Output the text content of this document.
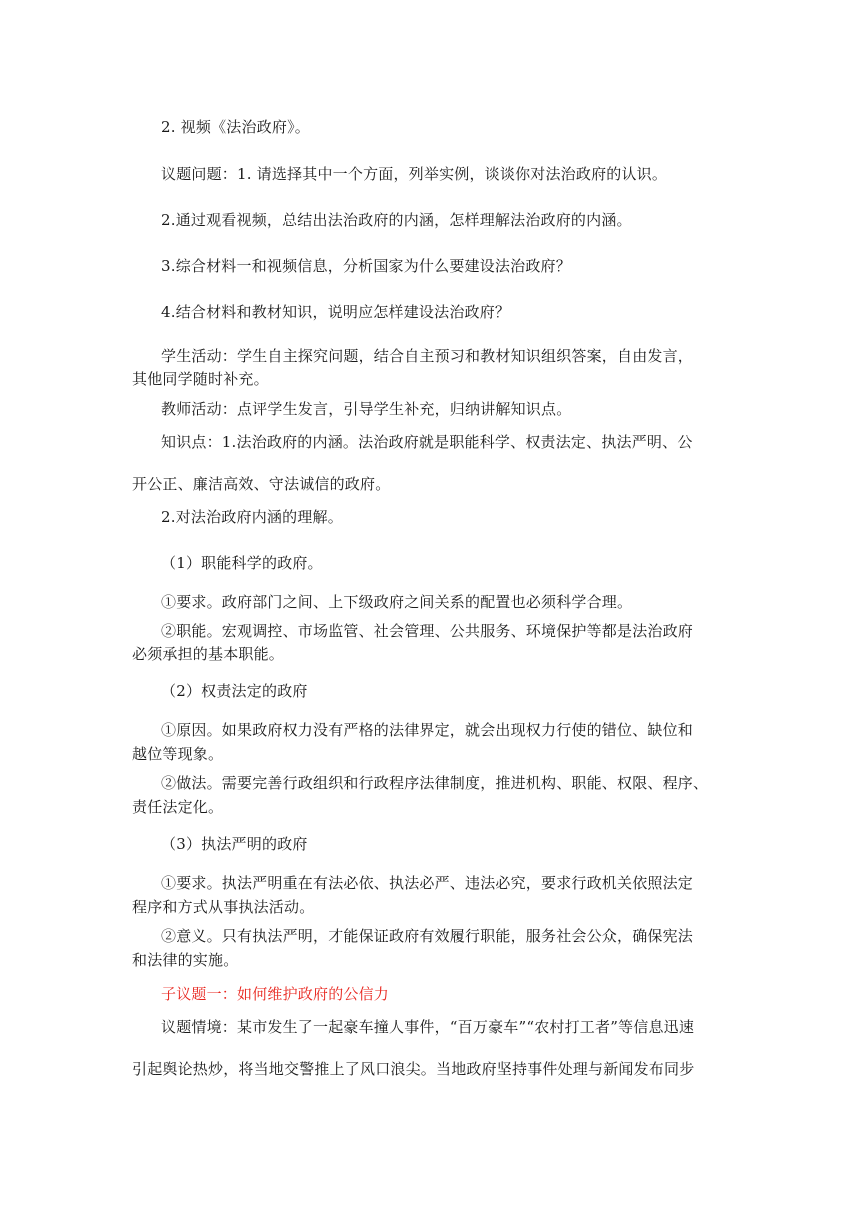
2. 视频《法治政府》。
议题问题：1. 请选择其中一个方面，列举实例，谈谈你对法治政府的认识。
2.通过观看视频，总结出法治政府的内涵，怎样理解法治政府的内涵。
3.综合材料一和视频信息，分析国家为什么要建设法治政府？
4.结合材料和教材知识，说明应怎样建设法治政府？
学生活动：学生自主探究问题，结合自主预习和教材知识组织答案，自由发言，
其他同学随时补充。
教师活动：点评学生发言，引导学生补充，归纳讲解知识点。
知识点：1.法治政府的内涵。法治政府就是职能科学、权责法定、执法严明、公
开公正、廉洁高效、守法诚信的政府。
2.对法治政府内涵的理解。
（1）职能科学的政府。
①要求。政府部门之间、上下级政府之间关系的配置也必须科学合理。
②职能。宏观调控、市场监管、社会管理、公共服务、环境保护等都是法治政府
必须承担的基本职能。
（2）权责法定的政府
①原因。如果政府权力没有严格的法律界定，就会出现权力行使的错位、缺位和
越位等现象。
②做法。需要完善行政组织和行政程序法律制度，推进机构、职能、权限、程序、
责任法定化。
（3）执法严明的政府
①要求。执法严明重在有法必依、执法必严、违法必究，要求行政机关依照法定
程序和方式从事执法活动。
②意义。只有执法严明，才能保证政府有效履行职能，服务社会公众，确保宪法
和法律的实施。
子议题一：如何维护政府的公信力
议题情境：某市发生了一起豪车撞人事件，“百万豪车”“农村打工者”等信息迅速
引起舆论热炒，将当地交警推上了风口浪尖。当地政府坚持事件处理与新闻发布同步
